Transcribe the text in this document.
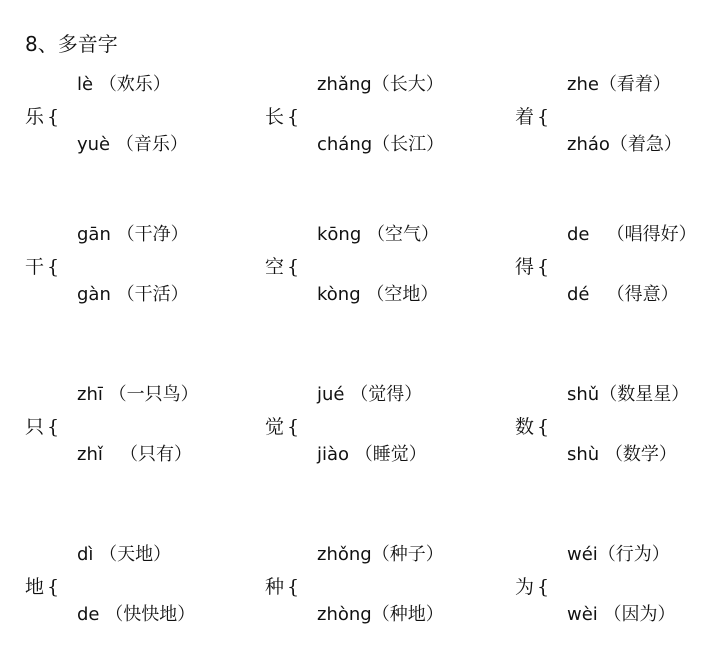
8、多音字
乐 {
lè （欢乐）
yuè （音乐）
长 {
zhǎng（长大）
cháng（长江）
着 {
zhe（看着）
zháo（着急）
干 {
gān （干净）
gàn （干活）
空 {
kōng （空气）
kòng （空地）
得 {
de （唱得好）
dé （得意）
只 {
zhī （一只鸟）
zhǐ （只有）
觉 {
jué （觉得）
jiào （睡觉）
数 {
shǔ（数星星）
shù （数学）
地 {
dì （天地）
de （快快地）
种 {
zhǒng（种子）
zhòng（种地）
为 {
wéi（行为）
wèi （因为）
